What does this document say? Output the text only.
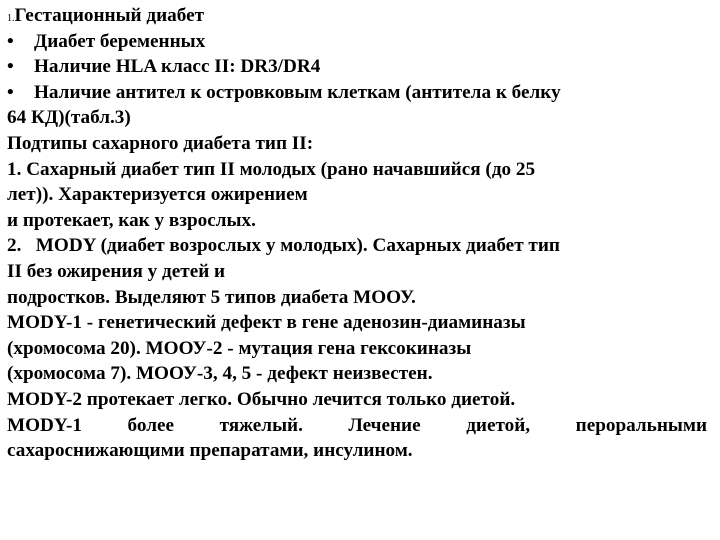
1.Гестационный диабет
• Диабет беременных
• Наличие HLA класс II: DR3/DR4
• Наличие антител к островковым клеткам (антитела к белку
64 КД)(табл.3)
Подтипы сахарного диабета тип II:
1. Сахарный диабет тип II молодых (рано начавшийся (до 25
лет)). Характеризуется ожирением
и протекает, как у взрослых.
2.   MODY (диабет возрослых у молодых). Сахарных диабет тип
II без ожирения у детей и
подростков. Выделяют 5 типов диабета МООУ.
MODY-1 - генетический дефект в гене аденозин-диаминазы
(хромосома 20). МООУ-2 - мутация гена гексокиназы
(хромосома 7). МООУ-3, 4, 5 - дефект неизвестен.
MODY-2 протекает легко. Обычно лечится только диетой.
MODY-1 более тяжелый. Лечение диетой, пероральными
сахароснижающими препаратами, инсулином.
